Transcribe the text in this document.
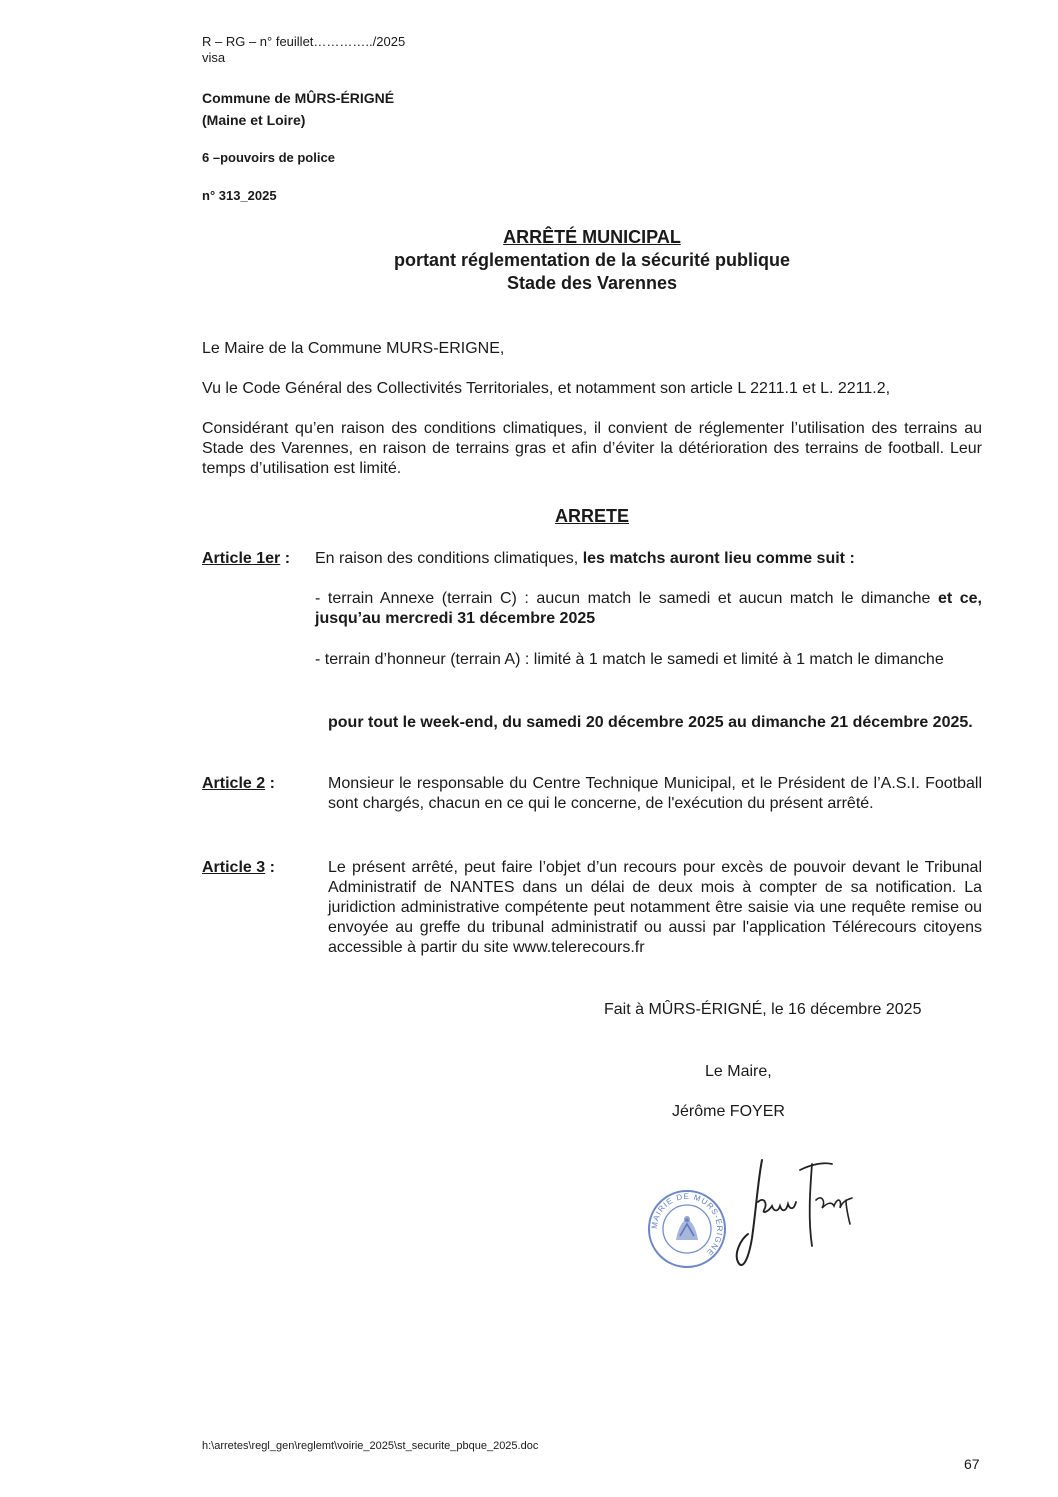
R – RG – n° feuillet…………../2025
visa
Commune de MÛRS-ÉRIGNÉ
(Maine et Loire)
6 –pouvoirs de police
n° 313_2025
ARRÊTÉ MUNICIPAL
portant réglementation de la sécurité publique
Stade des Varennes
Le Maire de la Commune MURS-ERIGNE,
Vu le Code Général des Collectivités Territoriales, et notamment son article L 2211.1 et L. 2211.2,
Considérant qu’en raison des conditions climatiques, il convient de réglementer l’utilisation des terrains au Stade des Varennes, en raison de terrains gras et afin d’éviter la détérioration des terrains de football. Leur temps d’utilisation est limité.
ARRETE
Article 1er : En raison des conditions climatiques, les matchs auront lieu comme suit :
- terrain Annexe (terrain C) : aucun match le samedi et aucun match le dimanche et ce, jusqu’au mercredi 31 décembre 2025
- terrain d’honneur (terrain A) : limité à 1 match le samedi et limité à 1 match le dimanche
pour tout le week-end, du samedi 20 décembre 2025 au dimanche 21 décembre 2025.
Article 2 :	Monsieur le responsable du Centre Technique Municipal, et le Président de l’A.S.I. Football sont chargés, chacun en ce qui le concerne, de l'exécution du présent arrêté.
Article 3 :	Le présent arrêté, peut faire l’objet d’un recours pour excès de pouvoir devant le Tribunal Administratif de NANTES dans un délai de deux mois à compter de sa notification. La juridiction administrative compétente peut notamment être saisie via une requête remise ou envoyée au greffe du tribunal administratif ou aussi par l'application Télérecours citoyens accessible à partir du site www.telerecours.fr
Fait à MÛRS-ÉRIGNÉ, le 16 décembre 2025
Le Maire,
Jérôme FOYER
MAIRIE DE MURS-ERIGNE
h:\arretes\regl_gen\reglemt\voirie_2025\st_securite_pbque_2025.doc
67
